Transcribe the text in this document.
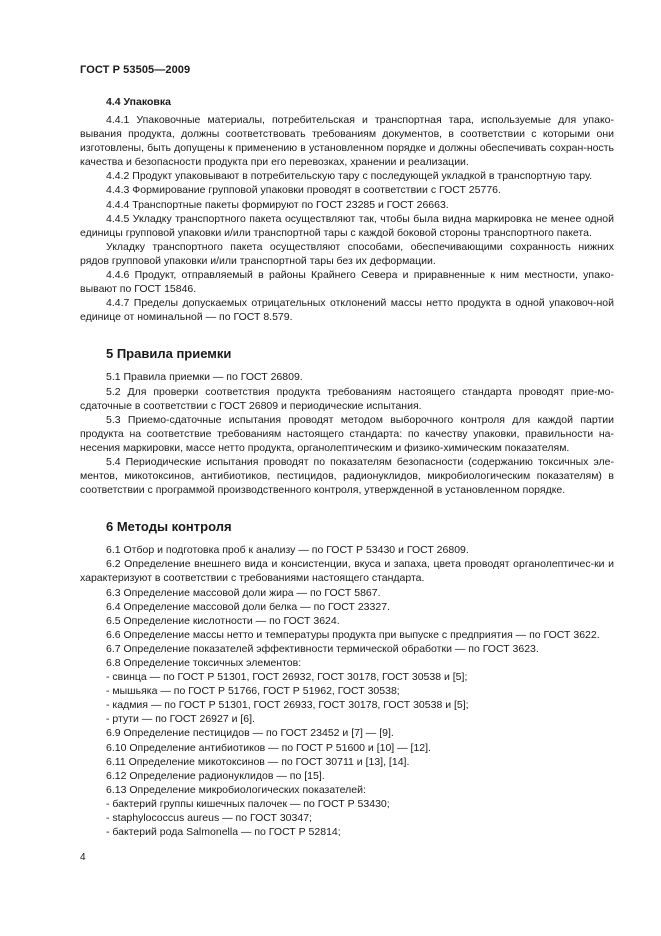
ГОСТ Р 53505—2009
4.4 Упаковка

4.4.1 Упаковочные материалы, потребительская и транспортная тара, используемые для упако-вывания продукта, должны соответствовать требованиям документов, в соответствии с которыми они изготовлены, быть допущены к применению в установленном порядке и должны обеспечивать сохран-ность качества и безопасности продукта при его перевозках, хранении и реализации.

4.4.2 Продукт упаковывают в потребительскую тару с последующей укладкой в транспортную тару.

4.4.3 Формирование групповой упаковки проводят в соответствии с ГОСТ 25776.

4.4.4 Транспортные пакеты формируют по ГОСТ 23285 и ГОСТ 26663.

4.4.5 Укладку транспортного пакета осуществляют так, чтобы была видна маркировка не менее одной единицы групповой упаковки и/или транспортной тары с каждой боковой стороны транспортного пакета.

Укладку транспортного пакета осуществляют способами, обеспечивающими сохранность нижних рядов групповой упаковки и/или транспортной тары без их деформации.

4.4.6 Продукт, отправляемый в районы Крайнего Севера и приравненные к ним местности, упако-вывают по ГОСТ 15846.

4.4.7 Пределы допускаемых отрицательных отклонений массы нетто продукта в одной упаковоч-ной единице от номинальной — по ГОСТ 8.579.

5 Правила приемки

5.1 Правила приемки — по ГОСТ 26809.

5.2 Для проверки соответствия продукта требованиям настоящего стандарта проводят прие-мо-сдаточные в соответствии с ГОСТ 26809 и периодические испытания.

5.3 Приемо-сдаточные испытания проводят методом выборочного контроля для каждой партии продукта на соответствие требованиям настоящего стандарта: по качеству упаковки, правильности на-несения маркировки, массе нетто продукта, органолептическим и физико-химическим показателям.

5.4 Периодические испытания проводят по показателям безопасности (содержанию токсичных эле-ментов, микотоксинов, антибиотиков, пестицидов, радионуклидов, микробиологическим показателям) в соответствии с программой производственного контроля, утвержденной в установленном порядке.

6 Методы контроля

6.1 Отбор и подготовка проб к анализу — по ГОСТ Р 53430 и ГОСТ 26809.

6.2 Определение внешнего вида и консистенции, вкуса и запаха, цвета проводят органолептичес-ки и характеризуют в соответствии с требованиями настоящего стандарта.

6.3 Определение массовой доли жира — по ГОСТ 5867.

6.4 Определение массовой доли белка — по ГОСТ 23327.

6.5 Определение кислотности — по ГОСТ 3624.

6.6 Определение массы нетто и температуры продукта при выпуске с предприятия — по ГОСТ 3622.

6.7 Определение показателей эффективности термической обработки — по ГОСТ 3623.

6.8 Определение токсичных элементов:

- свинца — по ГОСТ Р 51301, ГОСТ 26932, ГОСТ 30178, ГОСТ 30538 и [5];

- мышьяка — по ГОСТ Р 51766, ГОСТ Р 51962, ГОСТ 30538;

- кадмия — по ГОСТ Р 51301, ГОСТ 26933, ГОСТ 30178, ГОСТ 30538 и [5];

- ртути — по ГОСТ 26927 и [6].

6.9 Определение пестицидов — по ГОСТ 23452 и [7] — [9].

6.10 Определение антибиотиков — по ГОСТ Р 51600 и [10] — [12].

6.11 Определение микотоксинов — по ГОСТ 30711 и [13], [14].

6.12 Определение радионуклидов — по [15].

6.13 Определение микробиологических показателей:

- бактерий группы кишечных палочек — по ГОСТ Р 53430;

- staphylococcus aureus — по ГОСТ 30347;

- бактерий рода Salmonella — по ГОСТ Р 52814;

4
